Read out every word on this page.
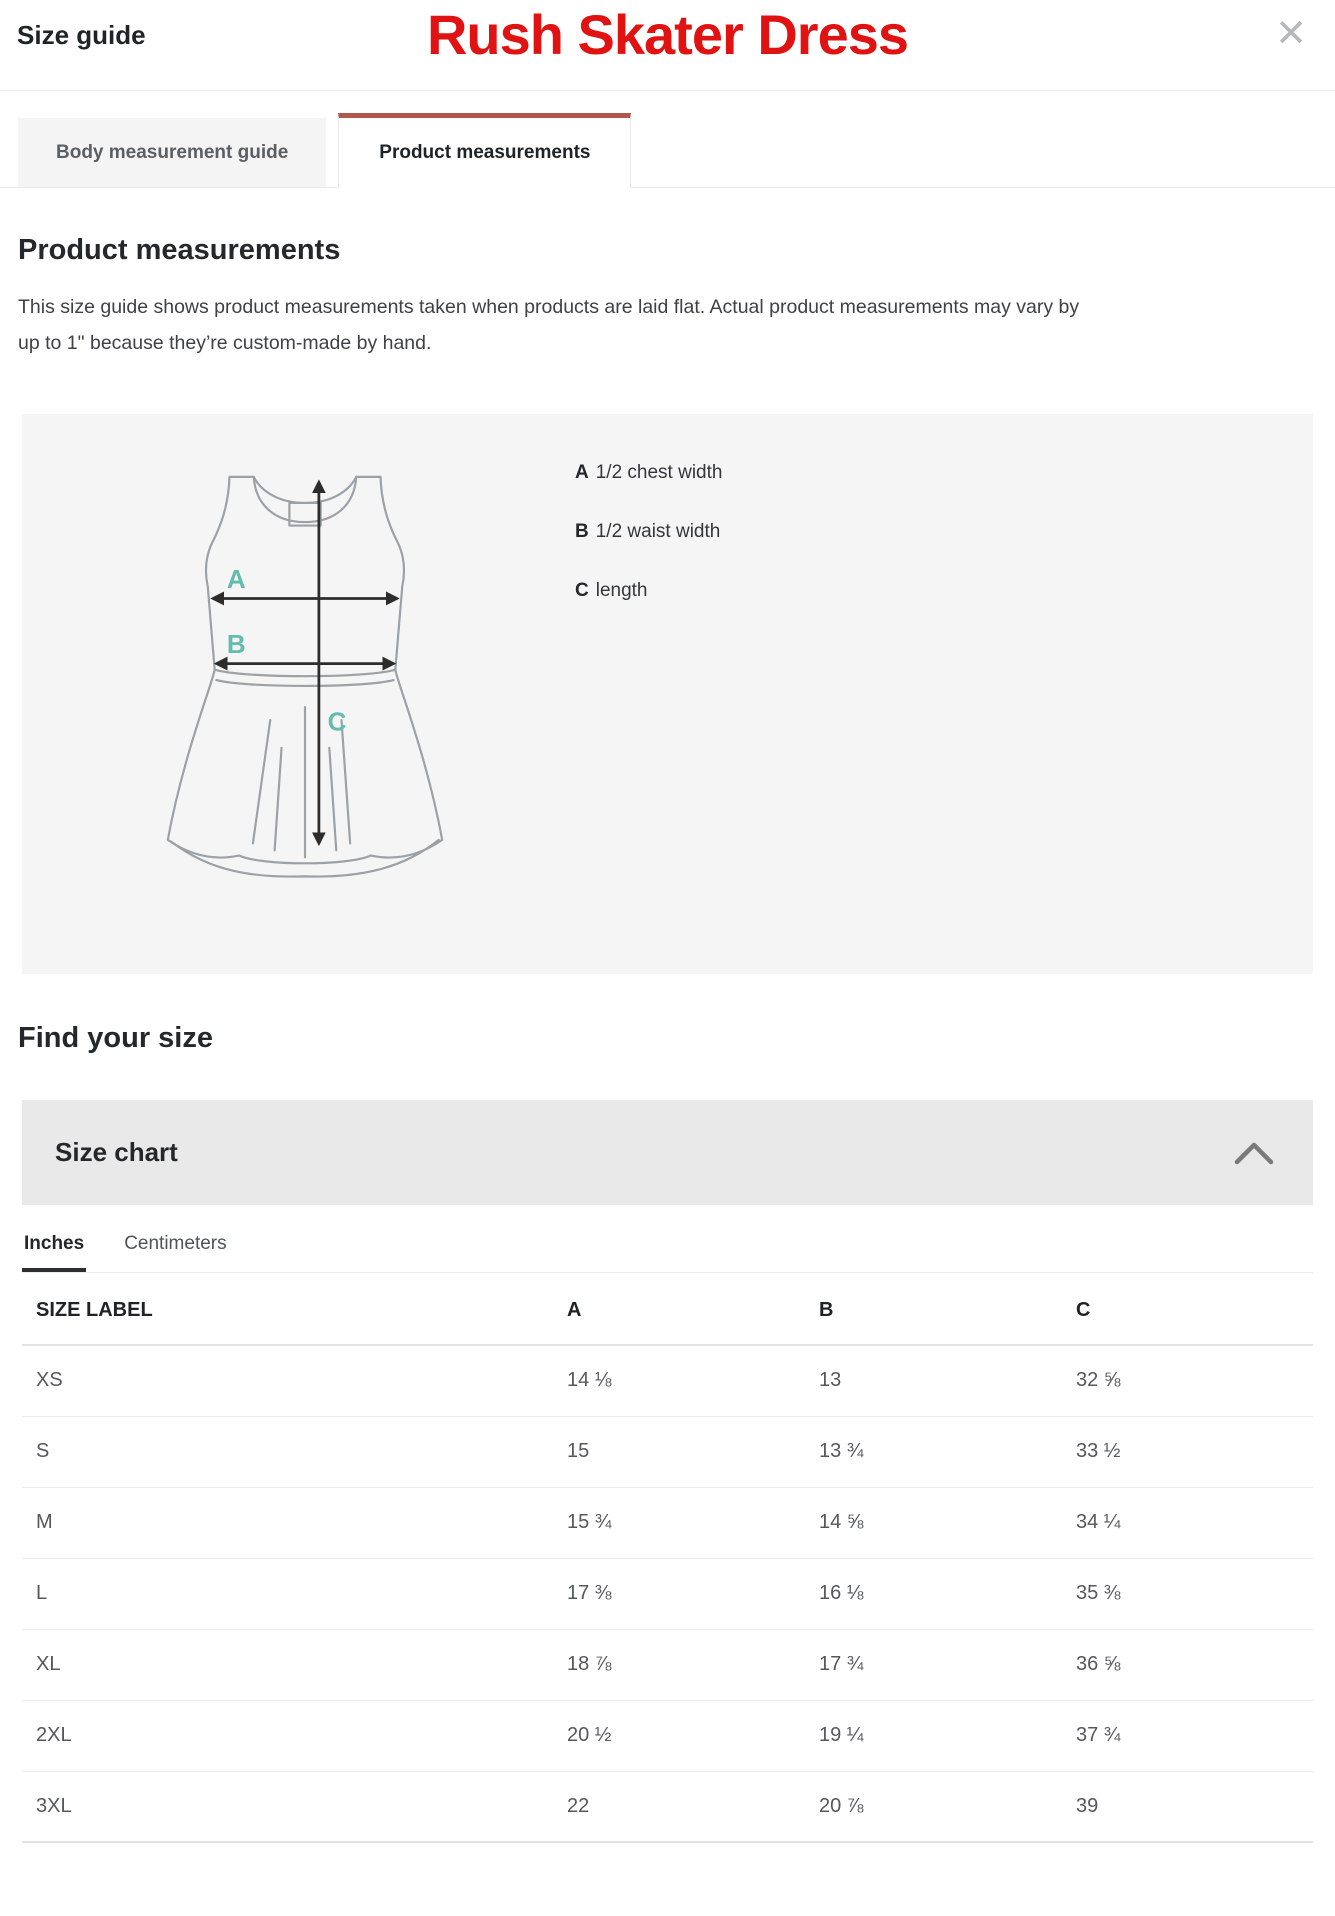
Size guide	Rush Skater Dress	✕
Body measurement guide	Product measurements
Product measurements

This size guide shows product measurements taken when products are laid flat. Actual product measurements may vary by up to 1" because they’re custom-made by hand.

A
B
C
A 1/2 chest width
B 1/2 waist width
C length
Find your size
Size chart
Inches Centimeters
SIZE LABEL	A	B	C
XS	14 ⅛	13	32 ⅝
S	15	13 ¾	33 ½
M	15 ¾	14 ⅝	34 ¼
L	17 ⅜	16 ⅛	35 ⅜
XL	18 ⅞	17 ¾	36 ⅝
2XL	20 ½	19 ¼	37 ¾
3XL	22	20 ⅞	39
